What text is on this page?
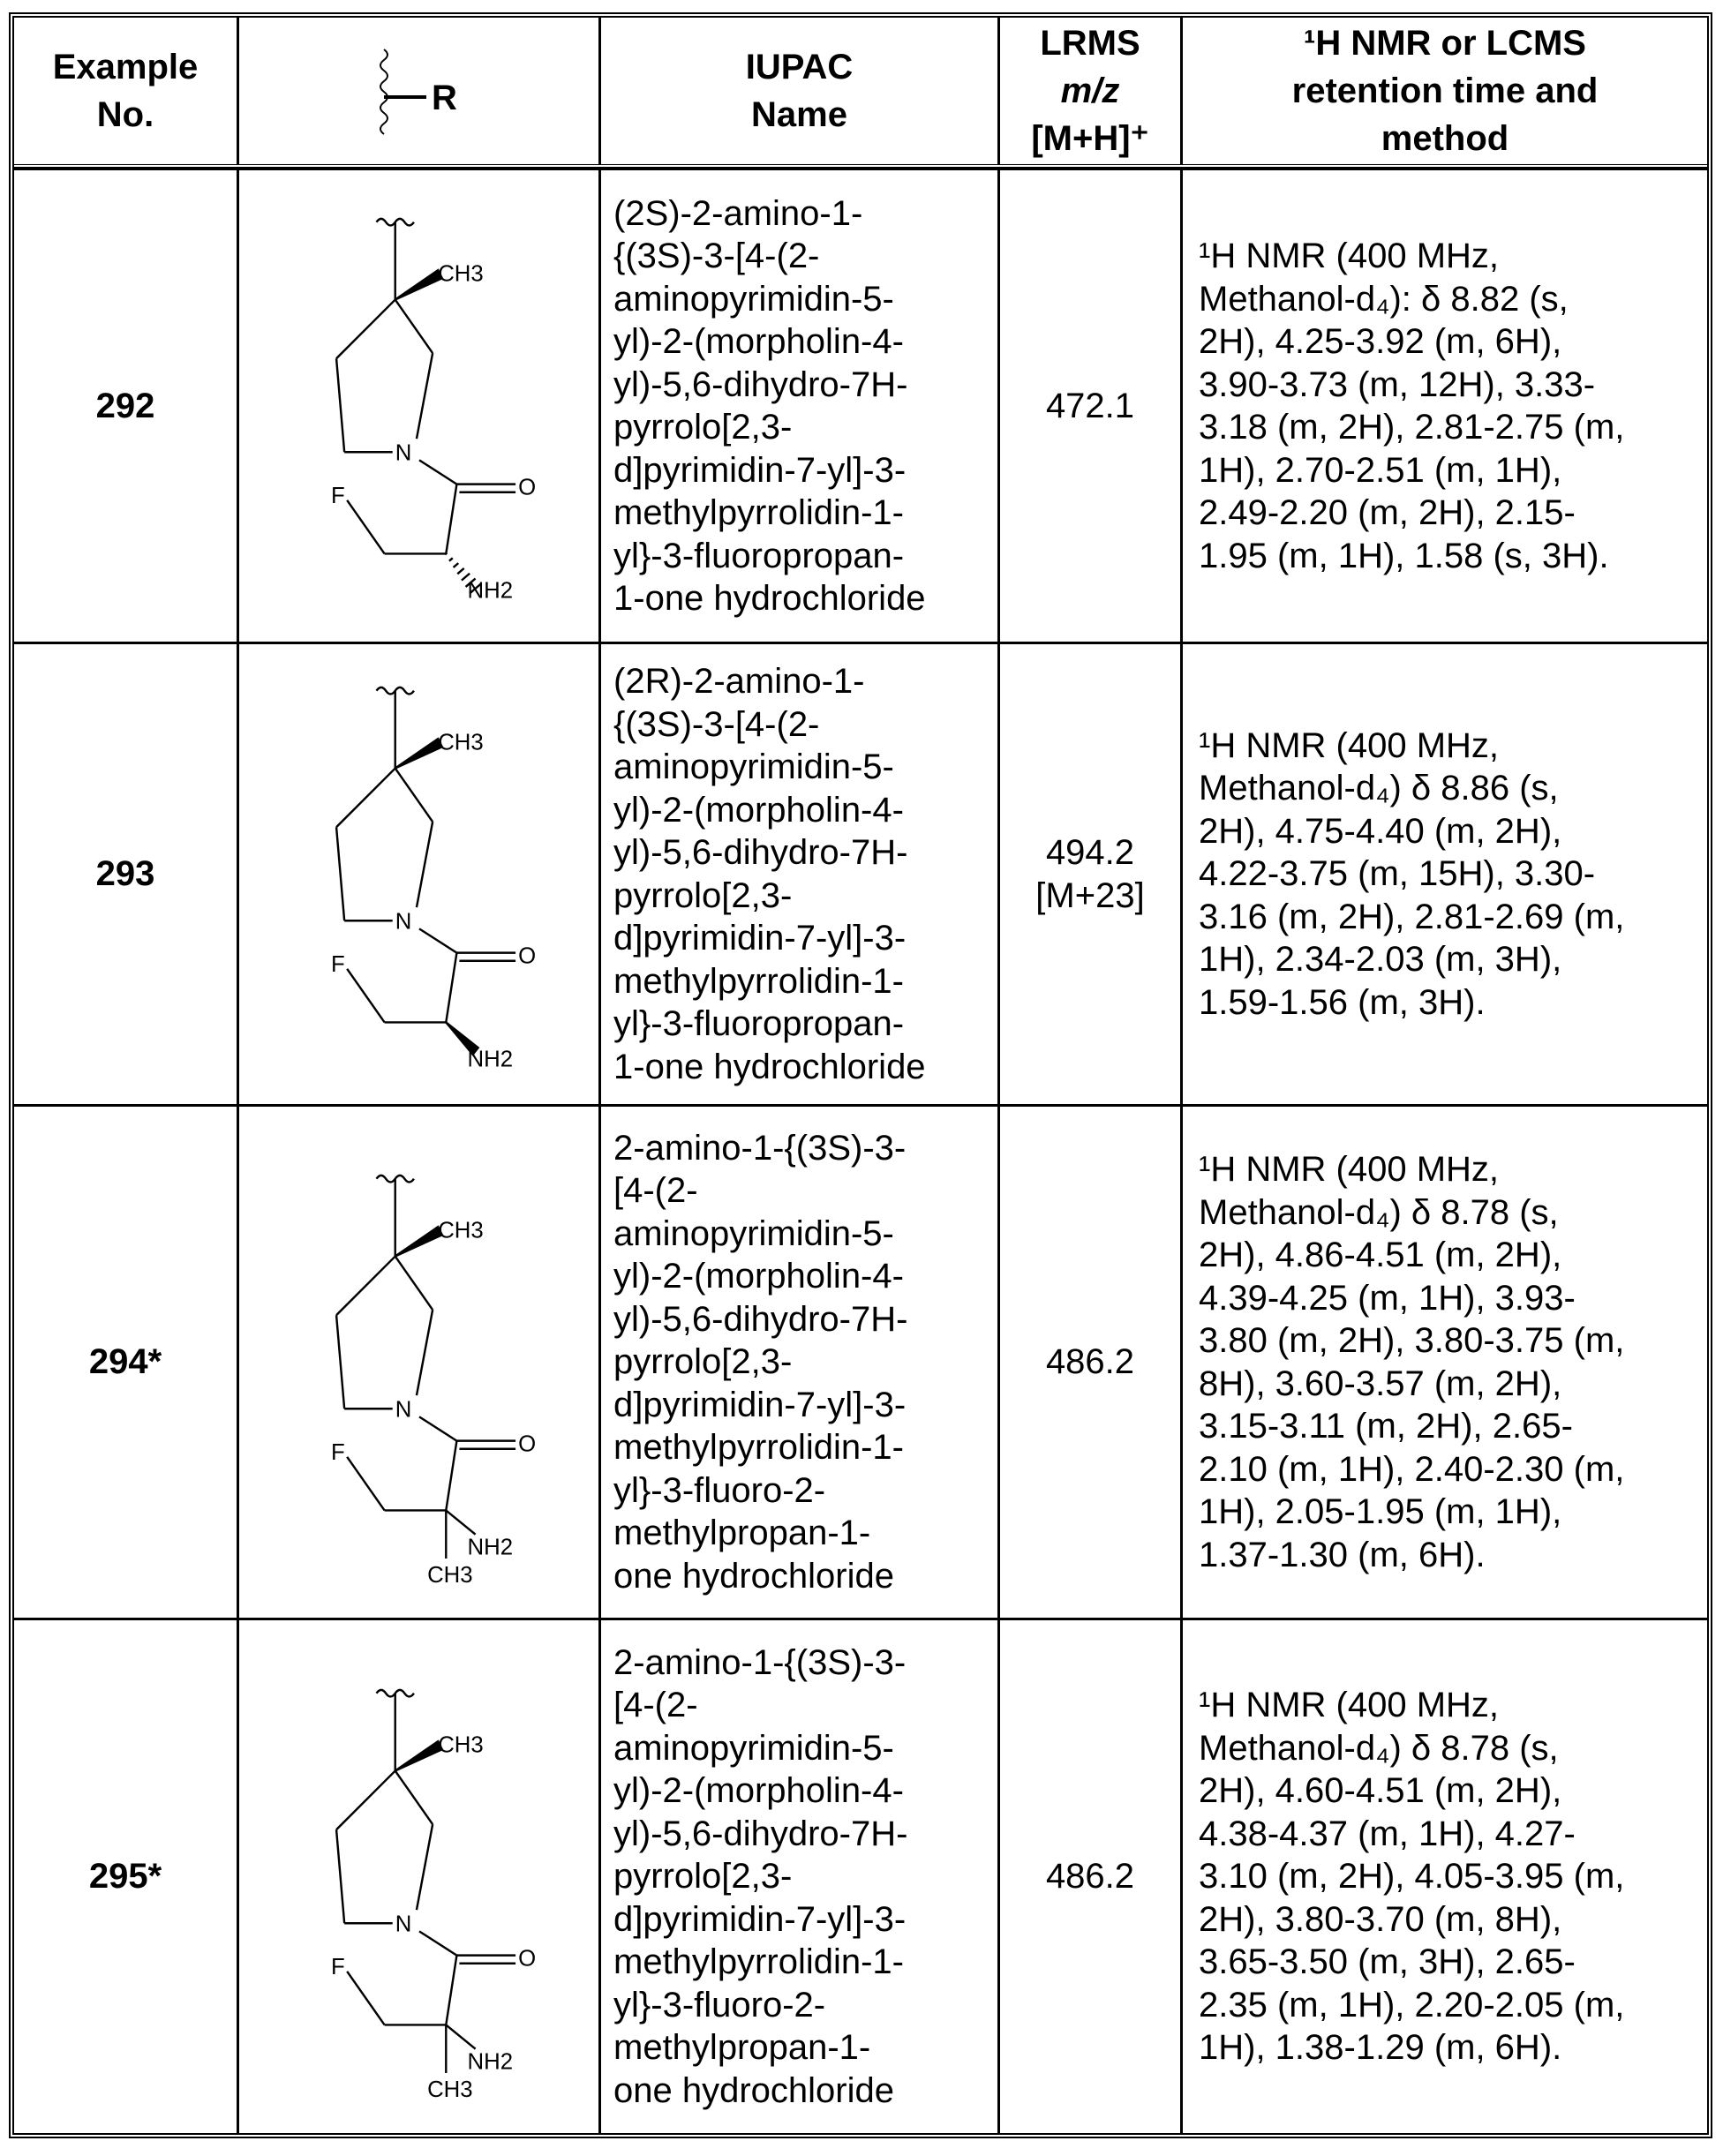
Example
No.	R
IUPAC
Name
LRMS
m/z
[M+H]⁺
¹H NMR or LCMS
retention time and
method
292
CH3
N
O
F
NH2
(2S)-2-amino-1-
{(3S)-3-[4-(2-
aminopyrimidin-5-
yl)-2-(morpholin-4-
yl)-5,6-dihydro-7H-
pyrrolo[2,3-
d]pyrimidin-7-yl]-3-
methylpyrrolidin-1-
yl}-3-fluoropropan-
1-one hydrochloride
472.1
¹H NMR (400 MHz,
Methanol-d₄): δ 8.82 (s,
2H), 4.25-3.92 (m, 6H),
3.90-3.73 (m, 12H), 3.33-
3.18 (m, 2H), 2.81-2.75 (m,
1H), 2.70-2.51 (m, 1H),
2.49-2.20 (m, 2H), 2.15-
1.95 (m, 1H), 1.58 (s, 3H).
293
CH3
N
O
F
NH2
(2R)-2-amino-1-
{(3S)-3-[4-(2-
aminopyrimidin-5-
yl)-2-(morpholin-4-
yl)-5,6-dihydro-7H-
pyrrolo[2,3-
d]pyrimidin-7-yl]-3-
methylpyrrolidin-1-
yl}-3-fluoropropan-
1-one hydrochloride
494.2
[M+23]
¹H NMR (400 MHz,
Methanol-d₄) δ 8.86 (s,
2H), 4.75-4.40 (m, 2H),
4.22-3.75 (m, 15H), 3.30-
3.16 (m, 2H), 2.81-2.69 (m,
1H), 2.34-2.03 (m, 3H),
1.59-1.56 (m, 3H).
294*
CH3
N
O
F
NH2
CH3
2-amino-1-{(3S)-3-
[4-(2-
aminopyrimidin-5-
yl)-2-(morpholin-4-
yl)-5,6-dihydro-7H-
pyrrolo[2,3-
d]pyrimidin-7-yl]-3-
methylpyrrolidin-1-
yl}-3-fluoro-2-
methylpropan-1-
one hydrochloride
486.2
¹H NMR (400 MHz,
Methanol-d₄) δ 8.78 (s,
2H), 4.86-4.51 (m, 2H),
4.39-4.25 (m, 1H), 3.93-
3.80 (m, 2H), 3.80-3.75 (m,
8H), 3.60-3.57 (m, 2H),
3.15-3.11 (m, 2H), 2.65-
2.10 (m, 1H), 2.40-2.30 (m,
1H), 2.05-1.95 (m, 1H),
1.37-1.30 (m, 6H).
295*
CH3
N
O
F
NH2
CH3
2-amino-1-{(3S)-3-
[4-(2-
aminopyrimidin-5-
yl)-2-(morpholin-4-
yl)-5,6-dihydro-7H-
pyrrolo[2,3-
d]pyrimidin-7-yl]-3-
methylpyrrolidin-1-
yl}-3-fluoro-2-
methylpropan-1-
one hydrochloride
486.2
¹H NMR (400 MHz,
Methanol-d₄) δ 8.78 (s,
2H), 4.60-4.51 (m, 2H),
4.38-4.37 (m, 1H), 4.27-
3.10 (m, 2H), 4.05-3.95 (m,
2H), 3.80-3.70 (m, 8H),
3.65-3.50 (m, 3H), 2.65-
2.35 (m, 1H), 2.20-2.05 (m,
1H), 1.38-1.29 (m, 6H).
